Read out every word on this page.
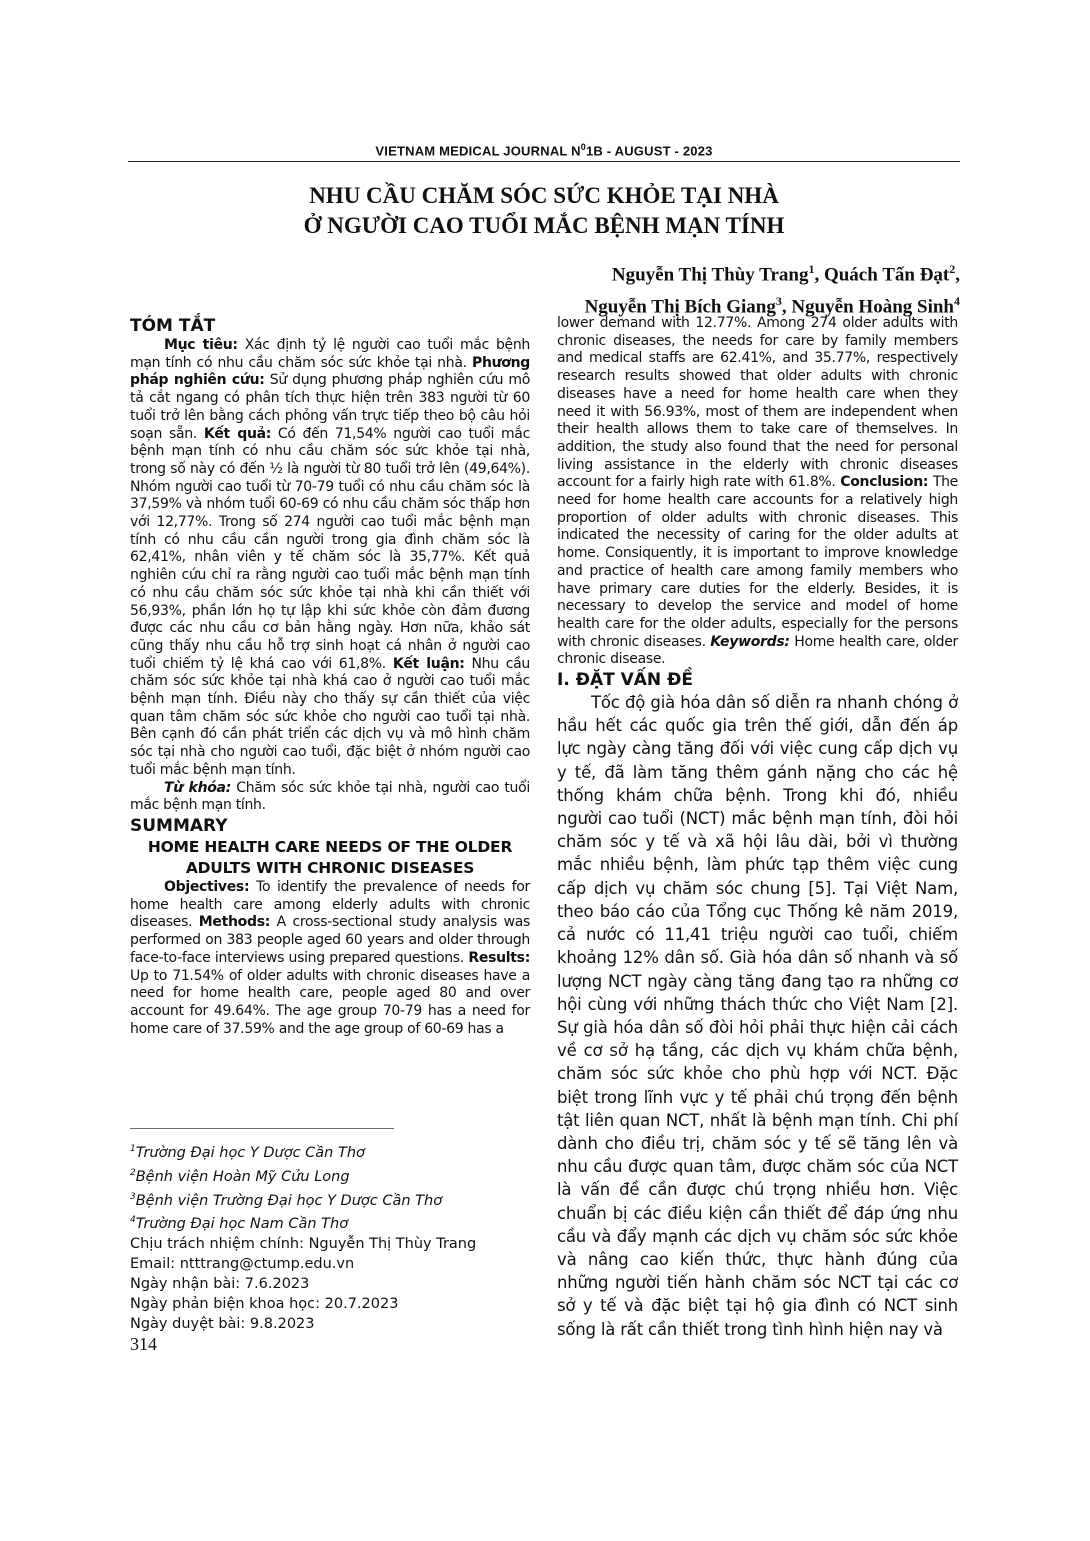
VIETNAM MEDICAL JOURNAL $N^01B$ - AUGUST - 2023
NHU CẦU CHĂM SÓC SỨC KHỎE TẠI NHÀ
Ở NGƯỜI CAO TUỔI MẮC BỆNH MẠN TÍNH
Nguyễn Thị Thùy Trang$^1$, Quách Tấn Đạt$^2$,
Nguyễn Thị Bích Giang$^3$, Nguyễn Hoàng Sinh$^4$
TÓM TẮT

Mục tiêu: Xác định tỷ lệ người cao tuổi mắc bệnh mạn tính có nhu cầu chăm sóc sức khỏe tại nhà. Phương pháp nghiên cứu: Sử dụng phương pháp nghiên cứu mô tả cắt ngang có phân tích thực hiện trên 383 người từ 60 tuổi trở lên bằng cách phỏng vấn trực tiếp theo bộ câu hỏi soạn sẵn. Kết quả: Có đến 71,54% người cao tuổi mắc bệnh mạn tính có nhu cầu chăm sóc sức khỏe tại nhà, trong số này có đến ½ là người từ 80 tuổi trở lên (49,64%). Nhóm người cao tuổi từ 70-79 tuổi có nhu cầu chăm sóc là 37,59% và nhóm tuổi 60-69 có nhu cầu chăm sóc thấp hơn với 12,77%. Trong số 274 người cao tuổi mắc bệnh mạn tính có nhu cầu cần người trong gia đình chăm sóc là 62,41%, nhân viên y tế chăm sóc là 35,77%. Kết quả nghiên cứu chỉ ra rằng người cao tuổi mắc bệnh mạn tính có nhu cầu chăm sóc sức khỏe tại nhà khi cần thiết với 56,93%, phần lớn họ tự lập khi sức khỏe còn đảm đương được các nhu cầu cơ bản hằng ngày. Hơn nữa, khảo sát cũng thấy nhu cầu hỗ trợ sinh hoạt cá nhân ở người cao tuổi chiếm tỷ lệ khá cao với 61,8%. Kết luận: Nhu cầu chăm sóc sức khỏe tại nhà khá cao ở người cao tuổi mắc bệnh mạn tính. Điều này cho thấy sự cần thiết của việc quan tâm chăm sóc sức khỏe cho người cao tuổi tại nhà. Bên cạnh đó cần phát triển các dịch vụ và mô hình chăm sóc tại nhà cho người cao tuổi, đặc biệt ở nhóm người cao tuổi mắc bệnh mạn tính.

Từ khóa: Chăm sóc sức khỏe tại nhà, người cao tuổi mắc bệnh mạn tính.

SUMMARY
HOME HEALTH CARE NEEDS OF THE OLDER
ADULTS WITH CHRONIC DISEASES

Objectives: To identify the prevalence of needs for home health care among elderly adults with chronic diseases. Methods: A cross-sectional study analysis was performed on 383 people aged 60 years and older through face-to-face interviews using prepared questions. Results: Up to 71.54% of older adults with chronic diseases have a need for home health care, people aged 80 and over account for 49.64%. The age group 70-79 has a need for home care of 37.59% and the age group of 60-69 has a

$^1$Trường Đại học Y Dược Cần Thơ
$^2$Bệnh viện Hoàn Mỹ Cửu Long
$^3$Bệnh viện Trường Đại học Y Dược Cần Thơ
$^4$Trường Đại học Nam Cần Thơ
Chịu trách nhiệm chính: Nguyễn Thị Thùy Trang
Email: ntttrang@ctump.edu.vn
Ngày nhận bài: 7.6.2023
Ngày phản biện khoa học: 20.7.2023
Ngày duyệt bài: 9.8.2023
314

lower demand with 12.77%. Among 274 older adults with chronic diseases, the needs for care by family members and medical staffs are 62.41%, and 35.77%, respectively research results showed that older adults with chronic diseases have a need for home health care when they need it with 56.93%, most of them are independent when their health allows them to take care of themselves. In addition, the study also found that the need for personal living assistance in the elderly with chronic diseases account for a fairly high rate with 61.8%. Conclusion: The need for home health care accounts for a relatively high proportion of older adults with chronic diseases. This indicated the necessity of caring for the older adults at home. Consiquently, it is important to improve knowledge and practice of health care among family members who have primary care duties for the elderly. Besides, it is necessary to develop the service and model of home health care for the older adults, especially for the persons with chronic diseases. Keywords: Home health care, older chronic disease.

I. ĐẶT VẤN ĐỀ

Tốc độ già hóa dân số diễn ra nhanh chóng ở hầu hết các quốc gia trên thế giới, dẫn đến áp lực ngày càng tăng đối với việc cung cấp dịch vụ y tế, đã làm tăng thêm gánh nặng cho các hệ thống khám chữa bệnh. Trong khi đó, nhiều người cao tuổi (NCT) mắc bệnh mạn tính, đòi hỏi chăm sóc y tế và xã hội lâu dài, bởi vì thường mắc nhiều bệnh, làm phức tạp thêm việc cung cấp dịch vụ chăm sóc chung [5]. Tại Việt Nam, theo báo cáo của Tổng cục Thống kê năm 2019, cả nước có 11,41 triệu người cao tuổi, chiếm khoảng 12% dân số. Già hóa dân số nhanh và số lượng NCT ngày càng tăng đang tạo ra những cơ hội cùng với những thách thức cho Việt Nam [2]. Sự già hóa dân số đòi hỏi phải thực hiện cải cách về cơ sở hạ tầng, các dịch vụ khám chữa bệnh, chăm sóc sức khỏe cho phù hợp với NCT. Đặc biệt trong lĩnh vực y tế phải chú trọng đến bệnh tật liên quan NCT, nhất là bệnh mạn tính. Chi phí dành cho điều trị, chăm sóc y tế sẽ tăng lên và nhu cầu được quan tâm, được chăm sóc của NCT là vấn đề cần được chú trọng nhiều hơn. Việc chuẩn bị các điều kiện cần thiết để đáp ứng nhu cầu và đẩy mạnh các dịch vụ chăm sóc sức khỏe và nâng cao kiến thức, thực hành đúng của những người tiến hành chăm sóc NCT tại các cơ sở y tế và đặc biệt tại hộ gia đình có NCT sinh sống là rất cần thiết trong tình hình hiện nay và
